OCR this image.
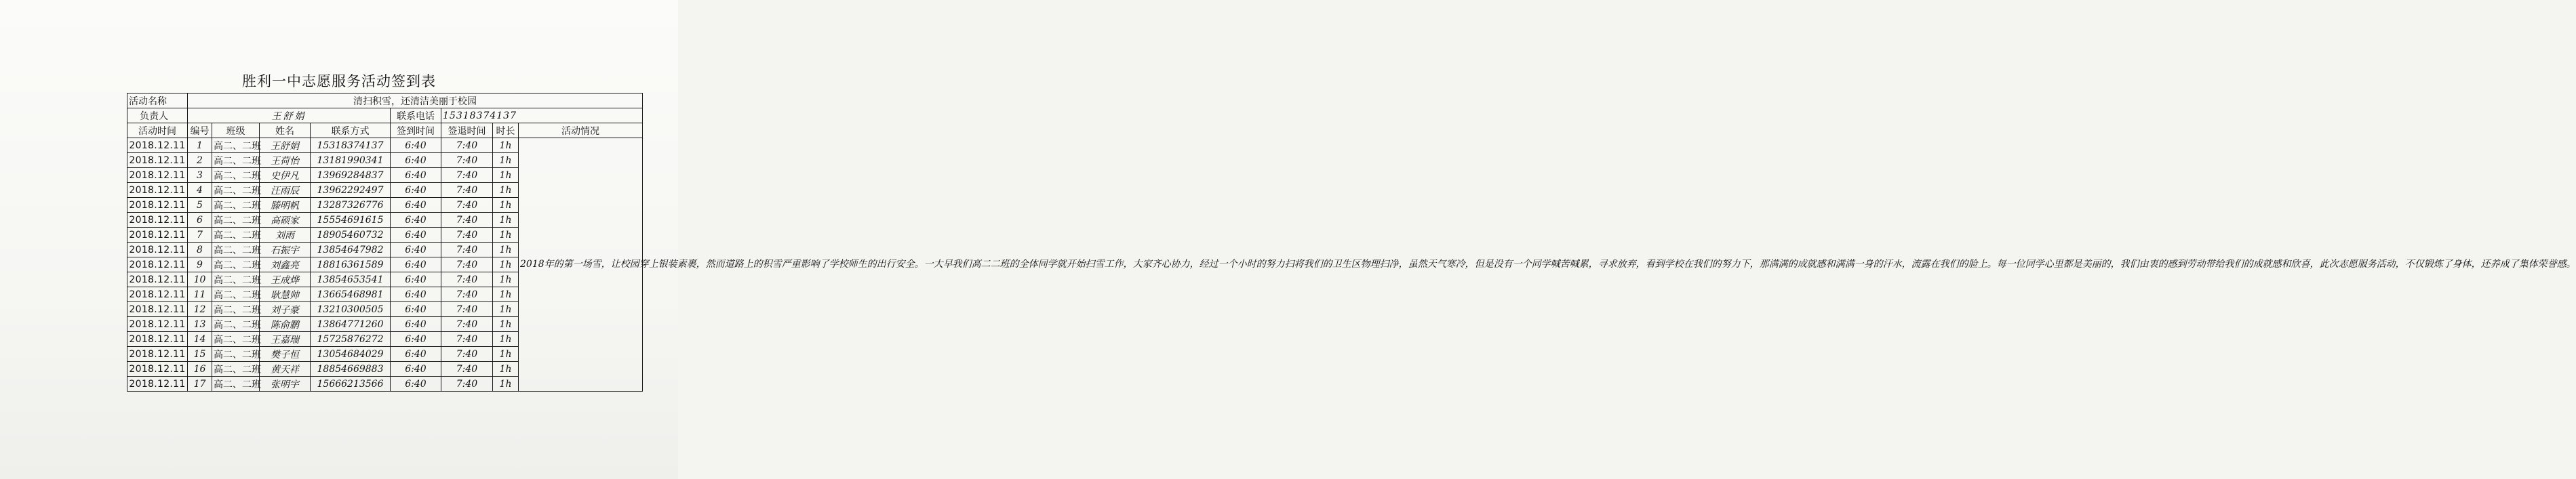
胜利一中志愿服务活动签到表
活动名称	清扫积雪，还清洁美丽于校园							
负责人	王舒娟				联系电话	15318374137		
活动时间	编号	班级	姓名	联系方式	签到时间	签退时间	时长	活动情况
2018.12.11	1	高二、二班	王舒娟	15318374137	6:40	7:40	1h	2018年的第一场雪，让校园穿上银装素裹，然而道路上的积雪严重影响了学校师生的出行安全。一大早我们高二二班的全体同学就开始扫雪工作，大家齐心协力，经过一个小时的努力扫将我们的卫生区物理扫净，虽然天气寒冷，但是没有一个同学喊苦喊累，寻求放弃，看到学校在我们的努力下，那满满的成就感和满满一身的汗水，流露在我们的脸上。每一位同学心里都是美丽的，我们由衷的感到劳动带给我们的成就感和欣喜，此次志愿服务活动，不仅锻炼了身体，还养成了集体荣誉感。
2018.12.11	2	高二、二班	王荷怡	13181990341	6:40	7:40	1h	
2018.12.11	3	高二、二班	史伊凡	13969284837	6:40	7:40	1h	
2018.12.11	4	高二、二班	汪雨辰	13962292497	6:40	7:40	1h	
2018.12.11	5	高二、二班	滕明帆	13287326776	6:40	7:40	1h	
2018.12.11	6	高二、二班	高硕家	15554691615	6:40	7:40	1h	
2018.12.11	7	高二、二班	刘雨	18905460732	6:40	7:40	1h	
2018.12.11	8	高二、二班	石振宇	13854647982	6:40	7:40	1h	
2018.12.11	9	高二、二班	刘鑫亮	18816361589	6:40	7:40	1h	
2018.12.11	10	高二、二班	王成烨	13854653541	6:40	7:40	1h	
2018.12.11	11	高二、二班	耿慧帅	13665468981	6:40	7:40	1h	
2018.12.11	12	高二、二班	刘子豪	13210300505	6:40	7:40	1h	
2018.12.11	13	高二、二班	陈俞鹏	13864771260	6:40	7:40	1h	
2018.12.11	14	高二、二班	王嘉瑞	15725876272	6:40	7:40	1h	
2018.12.11	15	高二、二班	樊子恒	13054684029	6:40	7:40	1h	
2018.12.11	16	高二、二班	黄天祥	18854669883	6:40	7:40	1h	
2018.12.11	17	高二、二班	张明宇	15666213566	6:40	7:40	1h	
